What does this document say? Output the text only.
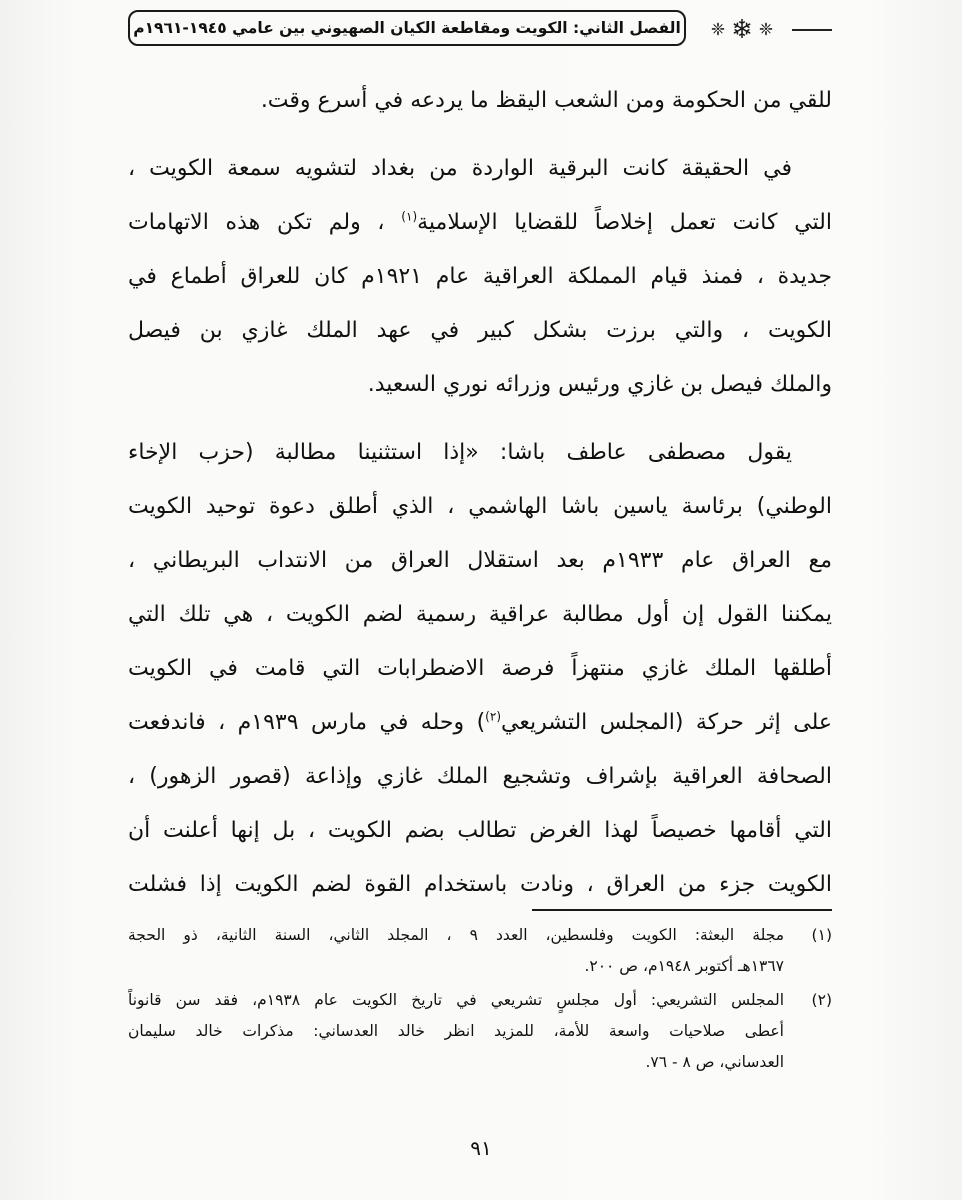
❈ ❄ ❈
الفصل الثاني: الكويت ومقاطعة الكيان الصهيوني بين عامي ١٩٤٥-١٩٦١م
للقي من الحكومة ومن الشعب اليقظ ما يردعه في أسرع وقت.
في الحقيقة كانت البرقية الواردة من بغداد لتشويه سمعة الكويت ،
التي كانت تعمل إخلاصاً للقضايا الإسلامية$^{(١)}$ ، ولم تكن هذه الاتهامات
جديدة ، فمنذ قيام المملكة العراقية عام ١٩٢١م كان للعراق أطماع في
الكويت ، والتي برزت بشكل كبير في عهد الملك غازي بن فيصل
والملك فيصل بن غازي ورئيس وزرائه نوري السعيد.
يقول مصطفى عاطف باشا: «إذا استثنينا مطالبة (حزب الإخاء
الوطني) برئاسة ياسين باشا الهاشمي ، الذي أطلق دعوة توحيد الكويت
مع العراق عام ١٩٣٣م بعد استقلال العراق من الانتداب البريطاني ،
يمكننا القول إن أول مطالبة عراقية رسمية لضم الكويت ، هي تلك التي
أطلقها الملك غازي منتهزاً فرصة الاضطرابات التي قامت في الكويت
على إثر حركة (المجلس التشريعي$^{(٢)}$) وحله في مارس ١٩٣٩م ، فاندفعت
الصحافة العراقية بإشراف وتشجيع الملك غازي وإذاعة (قصور الزهور) ،
التي أقامها خصيصاً لهذا الغرض تطالب بضم الكويت ، بل إنها أعلنت أن
الكويت جزء من العراق ، ونادت باستخدام القوة لضم الكويت إذا فشلت
(١)
مجلة البعثة: الكويت وفلسطين، العدد ٩ ، المجلد الثاني، السنة الثانية، ذو الحجة
١٣٦٧هـ أكتوبر ١٩٤٨م، ص ٢٠٠.
(٢)
المجلس التشريعي: أول مجلسٍ تشريعي في تاريخ الكويت عام ١٩٣٨م، فقد سن قانوناً
أعطى صلاحيات واسعة للأمة، للمزيد انظر خالد العدساني: مذكرات خالد سليمان
العدساني، ص ٨ - ٧٦.
٩١
